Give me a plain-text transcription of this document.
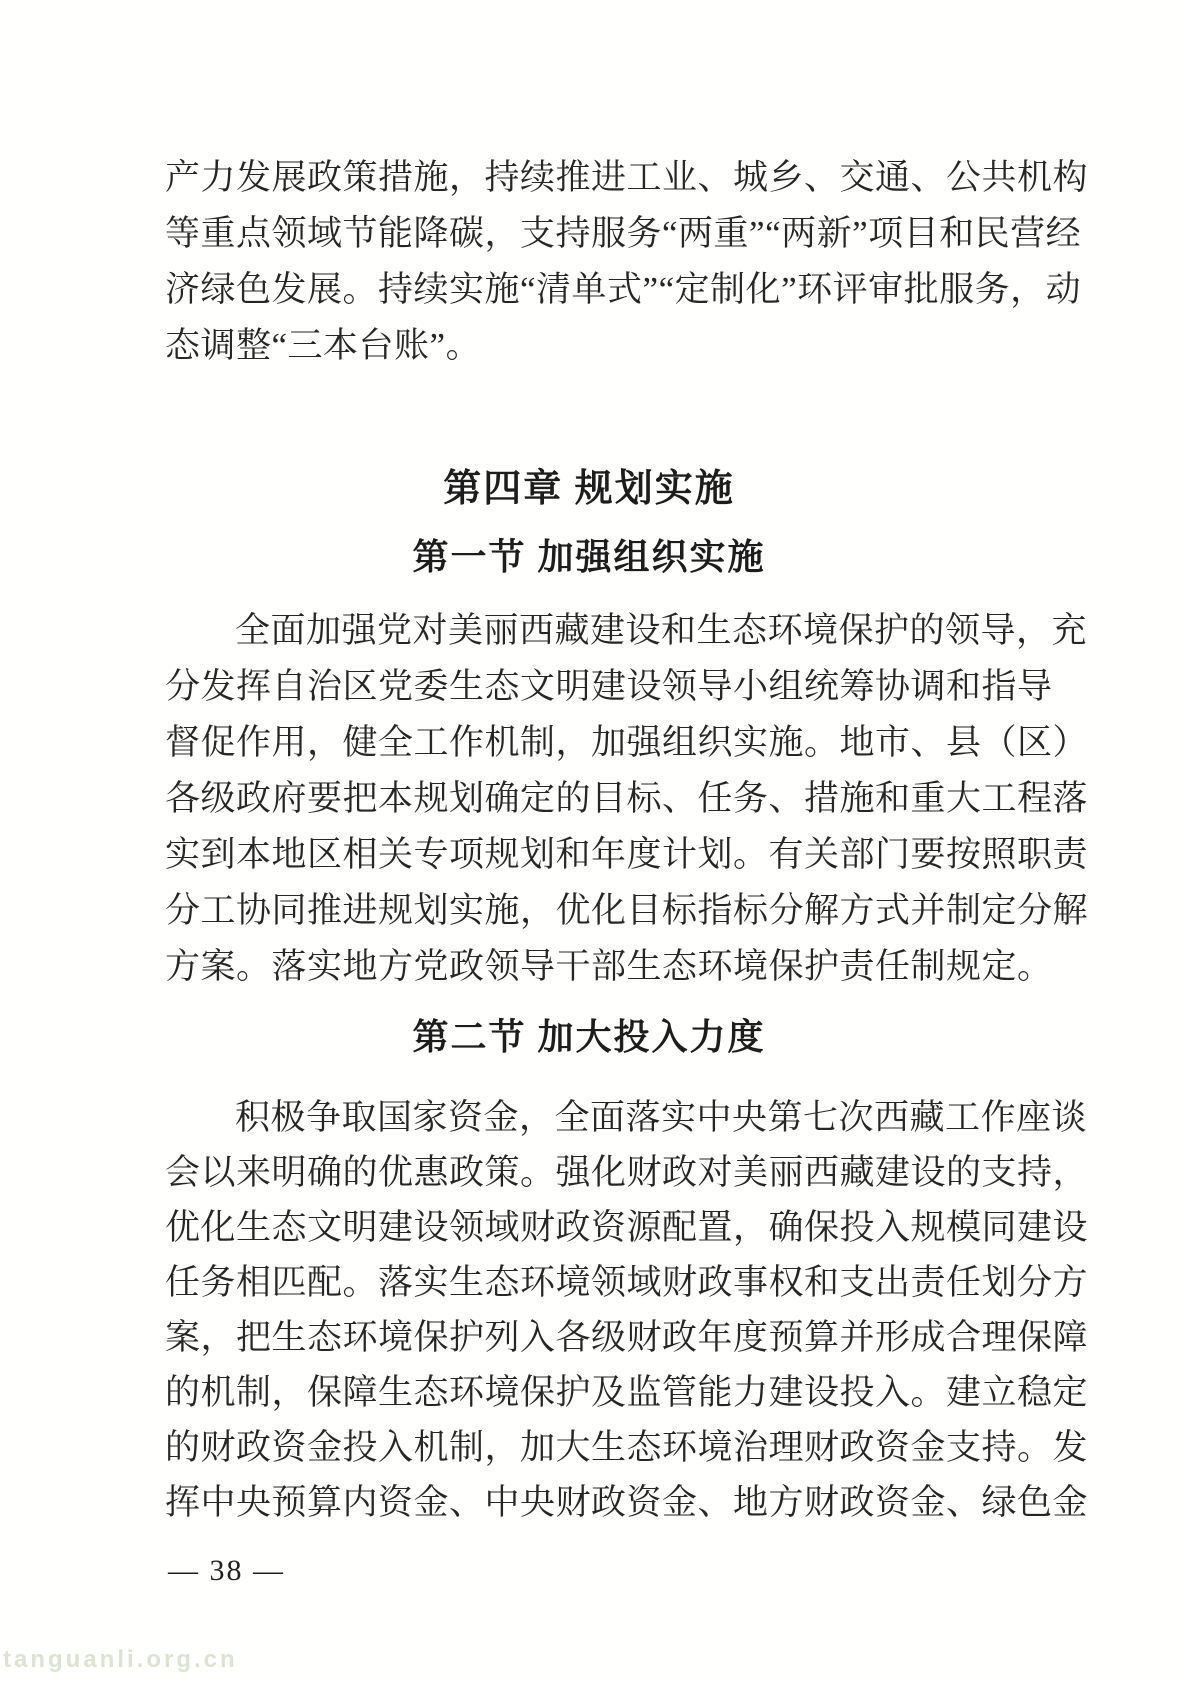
产力发展政策措施，持续推进工业、城乡、交通、公共机构
等重点领域节能降碳，支持服务“两重”“两新”项目和民营经
济绿色发展。持续实施“清单式”“定制化”环评审批服务，动
态调整“三本台账”。
第四章 规划实施
第一节 加强组织实施
全面加强党对美丽西藏建设和生态环境保护的领导，充
分发挥自治区党委生态文明建设领导小组统筹协调和指导
督促作用，健全工作机制，加强组织实施。地市、县（区）
各级政府要把本规划确定的目标、任务、措施和重大工程落
实到本地区相关专项规划和年度计划。有关部门要按照职责
分工协同推进规划实施，优化目标指标分解方式并制定分解
方案。落实地方党政领导干部生态环境保护责任制规定。
第二节 加大投入力度
积极争取国家资金，全面落实中央第七次西藏工作座谈
会以来明确的优惠政策。强化财政对美丽西藏建设的支持，
优化生态文明建设领域财政资源配置，确保投入规模同建设
任务相匹配。落实生态环境领域财政事权和支出责任划分方
案，把生态环境保护列入各级财政年度预算并形成合理保障
的机制，保障生态环境保护及监管能力建设投入。建立稳定
的财政资金投入机制，加大生态环境治理财政资金支持。发
挥中央预算内资金、中央财政资金、地方财政资金、绿色金
— 38 —
tanguanli.org.cn
